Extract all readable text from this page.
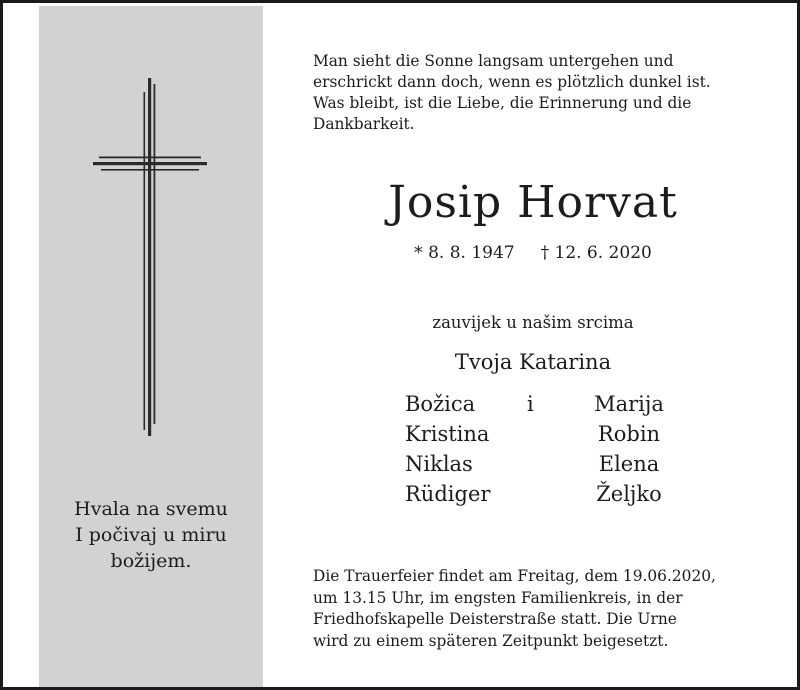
Hvala na svemu
I počivaj u miru
božijem.
Man sieht die Sonne langsam untergehen und
erschrickt dann doch, wenn es plötzlich dunkel ist.
Was bleibt, ist die Liebe, die Erinnerung und die
Dankbarkeit.
Josip Horvat
* 8. 8. 1947 † 12. 6. 2020
zauvijek u našim srcima
Tvoja Katarina
Božica
Kristina
Niklas
Rüdiger
i	Marija
Robin
Elena
Željko
Die Trauerfeier findet am Freitag, dem 19.06.2020,
um 13.15 Uhr, im engsten Familienkreis, in der
Friedhofskapelle Deisterstraße statt. Die Urne
wird zu einem späteren Zeitpunkt beigesetzt.
